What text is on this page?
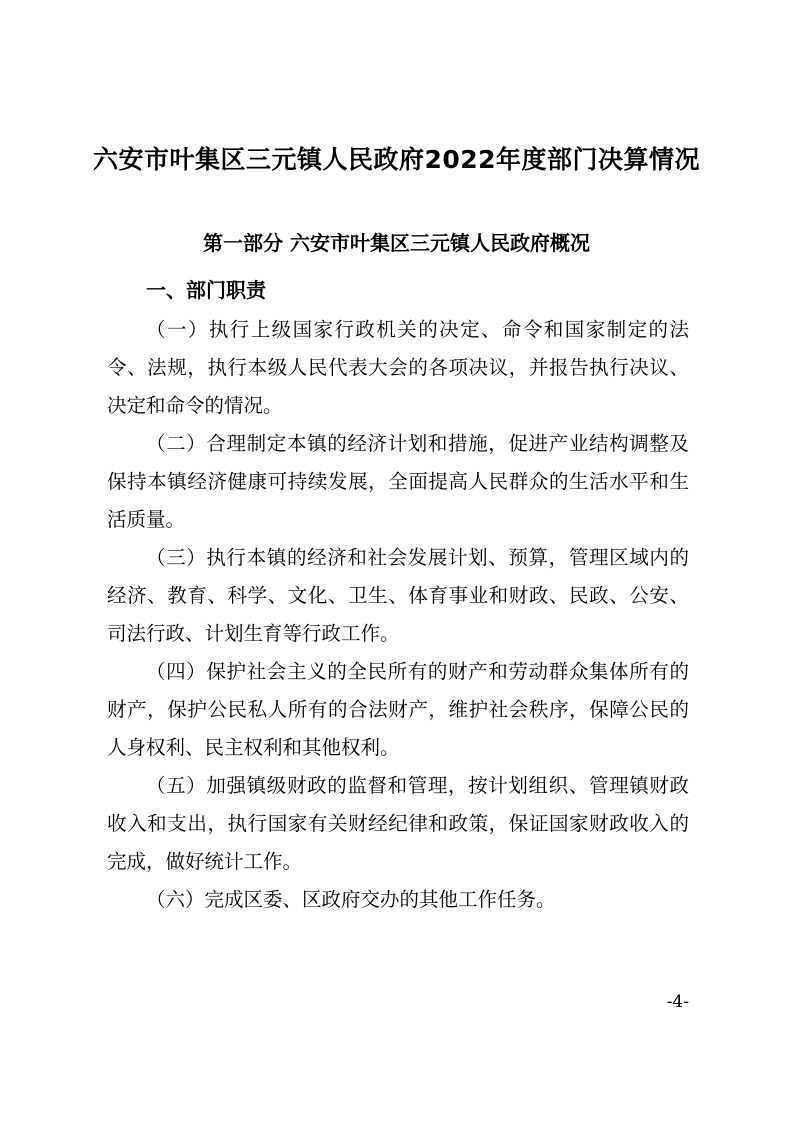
六安市叶集区三元镇人民政府2022年度部门决算情况
第一部分 六安市叶集区三元镇人民政府概况
一、部门职责

（一）执行上级国家行政机关的决定、命令和国家制定的法令、法规，执行本级人民代表大会的各项决议，并报告执行决议、决定和命令的情况。

（二）合理制定本镇的经济计划和措施，促进产业结构调整及保持本镇经济健康可持续发展，全面提高人民群众的生活水平和生活质量。

（三）执行本镇的经济和社会发展计划、预算，管理区域内的经济、教育、科学、文化、卫生、体育事业和财政、民政、公安、司法行政、计划生育等行政工作。

（四）保护社会主义的全民所有的财产和劳动群众集体所有的财产，保护公民私人所有的合法财产，维护社会秩序，保障公民的人身权利、民主权利和其他权利。

（五）加强镇级财政的监督和管理，按计划组织、管理镇财政收入和支出，执行国家有关财经纪律和政策，保证国家财政收入的完成，做好统计工作。

（六）完成区委、区政府交办的其他工作任务。

-4-
